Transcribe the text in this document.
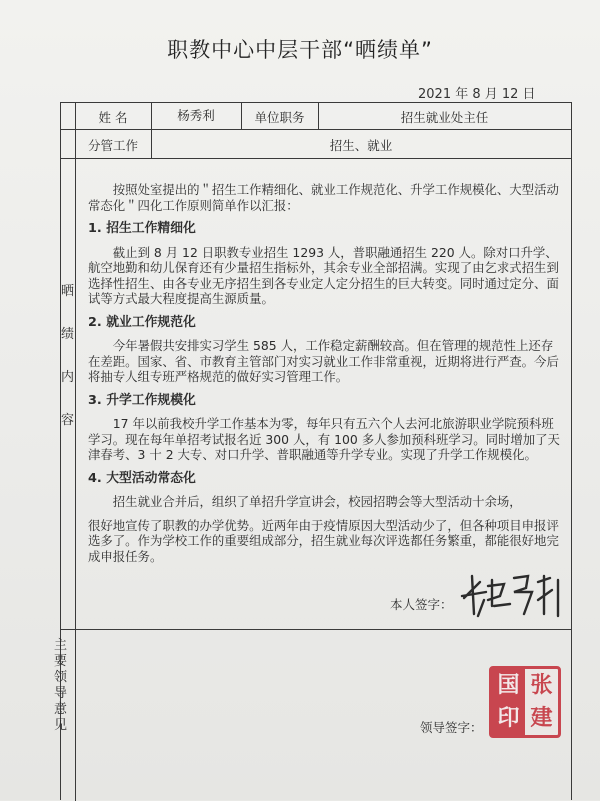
职教中心中层干部“晒绩单”
2021 年 8 月 12 日
姓 名	杨秀利	单位职务	招生就业处主任
分管工作	招生、就业
晒
绩
内
容
主
要
领
导
意
见

按照处室提出的＂招生工作精细化、就业工作规范化、升学工作规模化、大型活动常态化＂四化工作原则简单作以汇报：

1. 招生工作精细化

截止到 8 月 12 日职教专业招生 1293 人，普职融通招生 220 人。除对口升学、航空地勤和幼儿保育还有少量招生指标外，其余专业全部招满。实现了由乞求式招生到选择性招生、由各专业无序招生到各专业定人定分招生的巨大转变。同时通过定分、面试等方式最大程度提高生源质量。

2. 就业工作规范化

今年暑假共安排实习学生 585 人，工作稳定薪酬较高。但在管理的规范性上还存在差距。国家、省、市教育主管部门对实习就业工作非常重视，近期将进行严查。今后将抽专人组专班严格规范的做好实习管理工作。

3. 升学工作规模化

17 年以前我校升学工作基本为零，每年只有五六个人去河北旅游职业学院预科班学习。现在每年单招考试报名近 300 人，有 100 多人参加预科班学习。同时增加了天津春考、3 十 2 大专、对口升学、普职融通等升学专业。实现了升学工作规模化。

4. 大型活动常态化

招生就业合并后，组织了单招升学宣讲会，校园招聘会等大型活动十余场，

很好地宣传了职教的办学优势。近两年由于疫情原因大型活动少了，但各种项目申报评选多了。作为学校工作的重要组成部分，招生就业每次评选都任务繁重，都能很好地完成申报任务。

本人签字：
领导签字：
国 张
印 建
